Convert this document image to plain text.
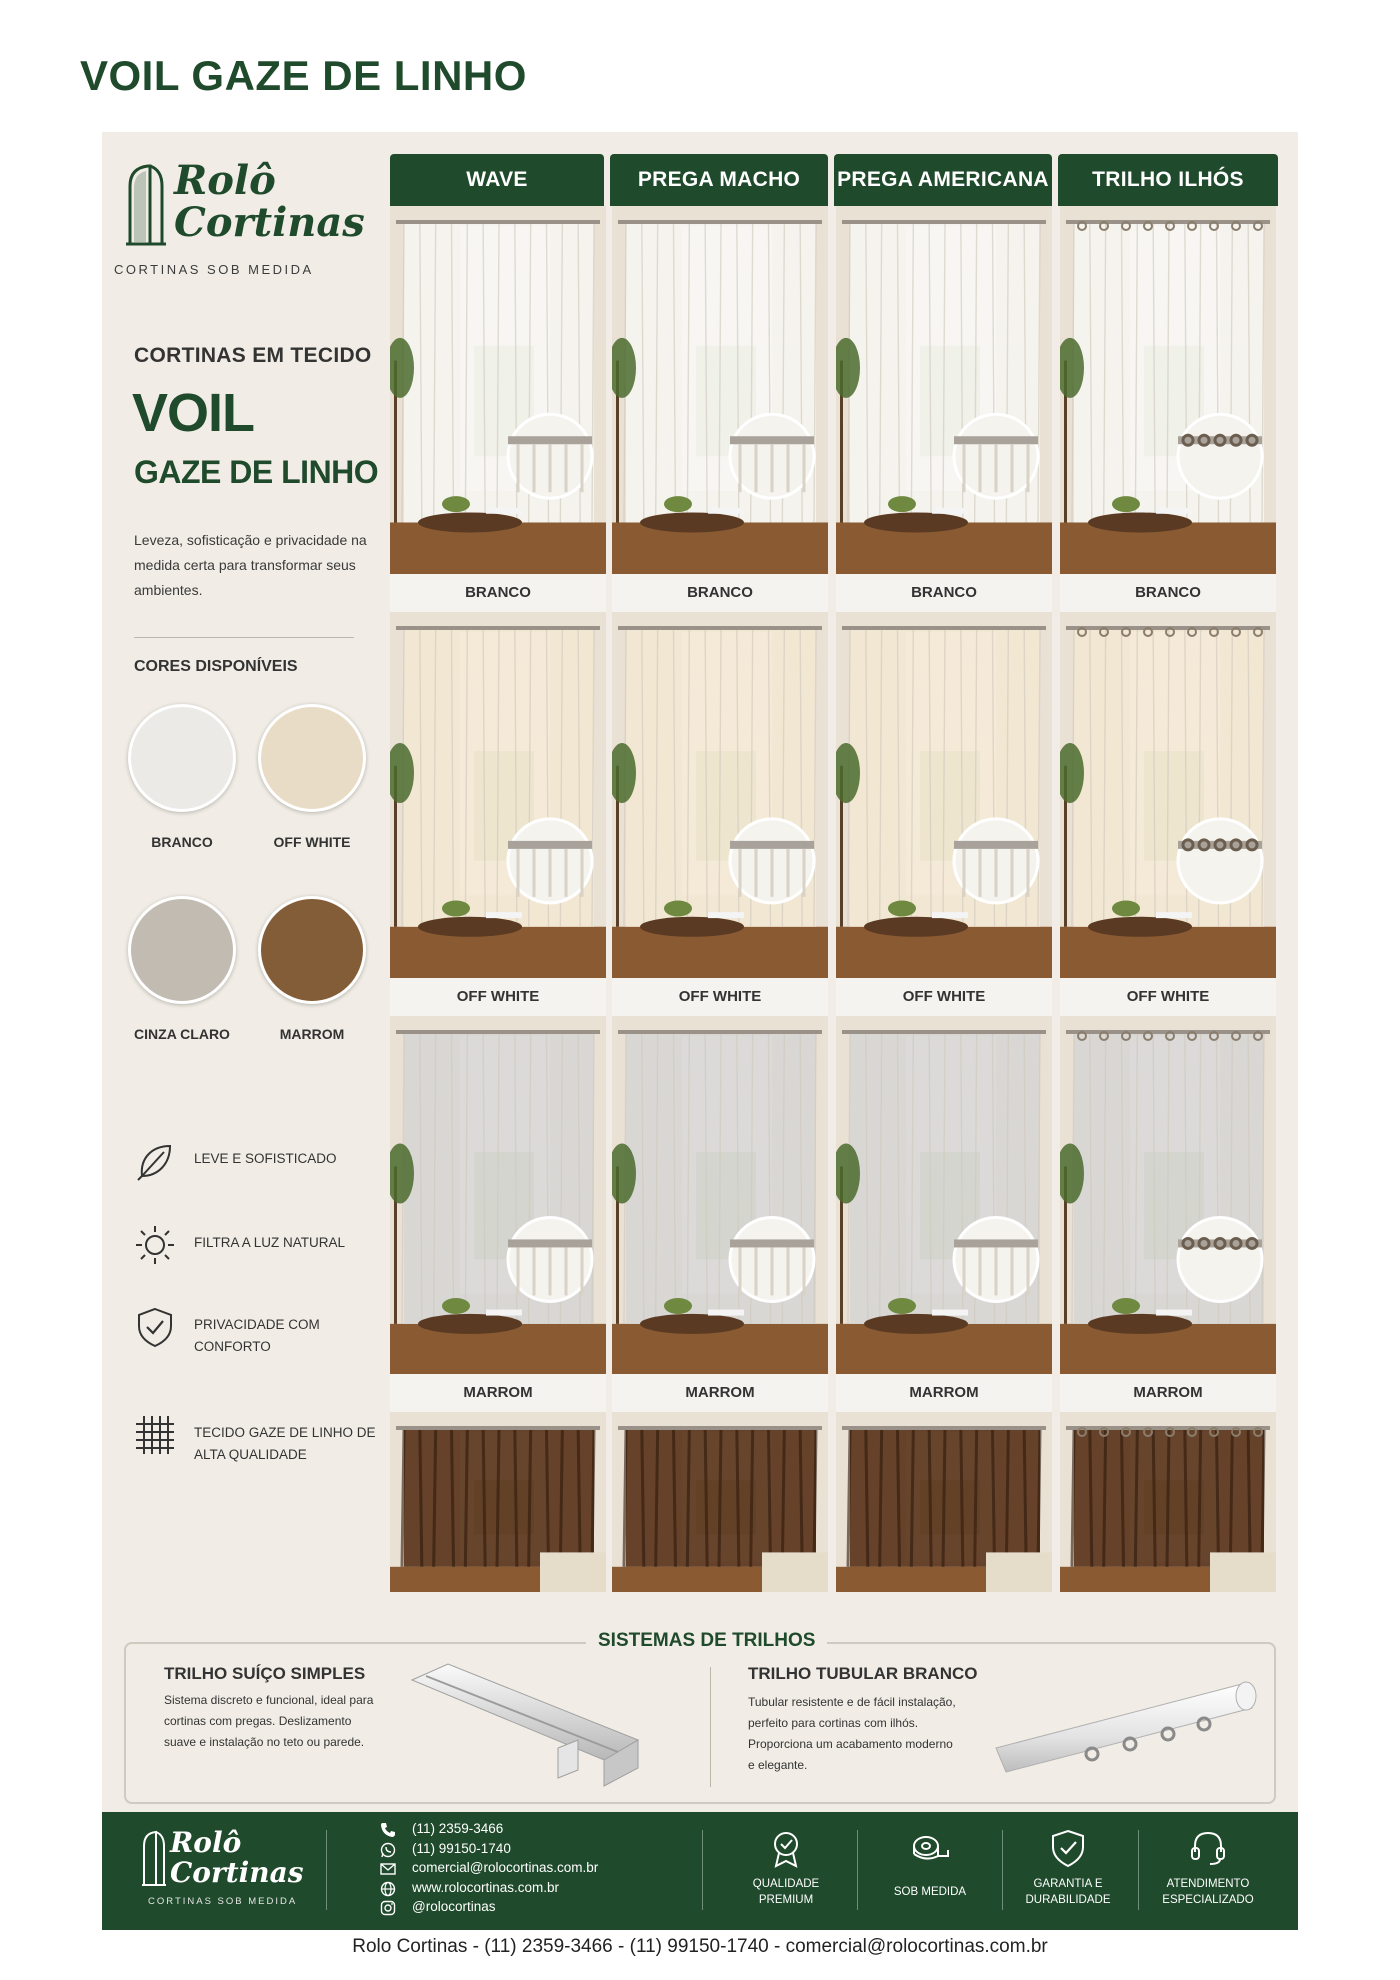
VOIL GAZE DE LINHO
Rolô
Cortinas
CORTINAS SOB MEDIDA
CORTINAS EM TECIDO
VOIL
GAZE DE LINHO
Leveza, sofisticação e privacidade na medida certa para transformar seus ambientes.
CORES DISPONÍVEIS
BRANCO	OFF WHITE
CINZA CLARO	MARROM
LEVE E SOFISTICADO
FILTRA A LUZ NATURAL
PRIVACIDADE COM CONFORTO
TECIDO GAZE DE LINHO DE ALTA QUALIDADE
WAVE	PREGA MACHO	PREGA AMERICANA	TRILHO ILHÓS
BRANCO	BRANCO	BRANCO	BRANCO
OFF WHITE	OFF WHITE	OFF WHITE	OFF WHITE
MARROM	MARROM	MARROM	MARROM
SISTEMAS DE TRILHOS
TRILHO SUÍÇO SIMPLES
Sistema discreto e funcional, ideal para cortinas com pregas. Deslizamento suave e instalação no teto ou parede.
TRILHO TUBULAR BRANCO
Tubular resistente e de fácil instalação, perfeito para cortinas com ilhós. Proporciona um acabamento moderno e elegante.
Rolô
Cortinas
CORTINAS SOB MEDIDA
(11) 2359-3466
(11) 99150-1740
comercial@rolocortinas.com.br
www.rolocortinas.com.br
@rolocortinas
QUALIDADE PREMIUM
SOB MEDIDA
GARANTIA E DURABILIDADE
ATENDIMENTO ESPECIALIZADO
Rolo Cortinas - (11) 2359-3466 - (11) 99150-1740 - comercial@rolocortinas.com.br
